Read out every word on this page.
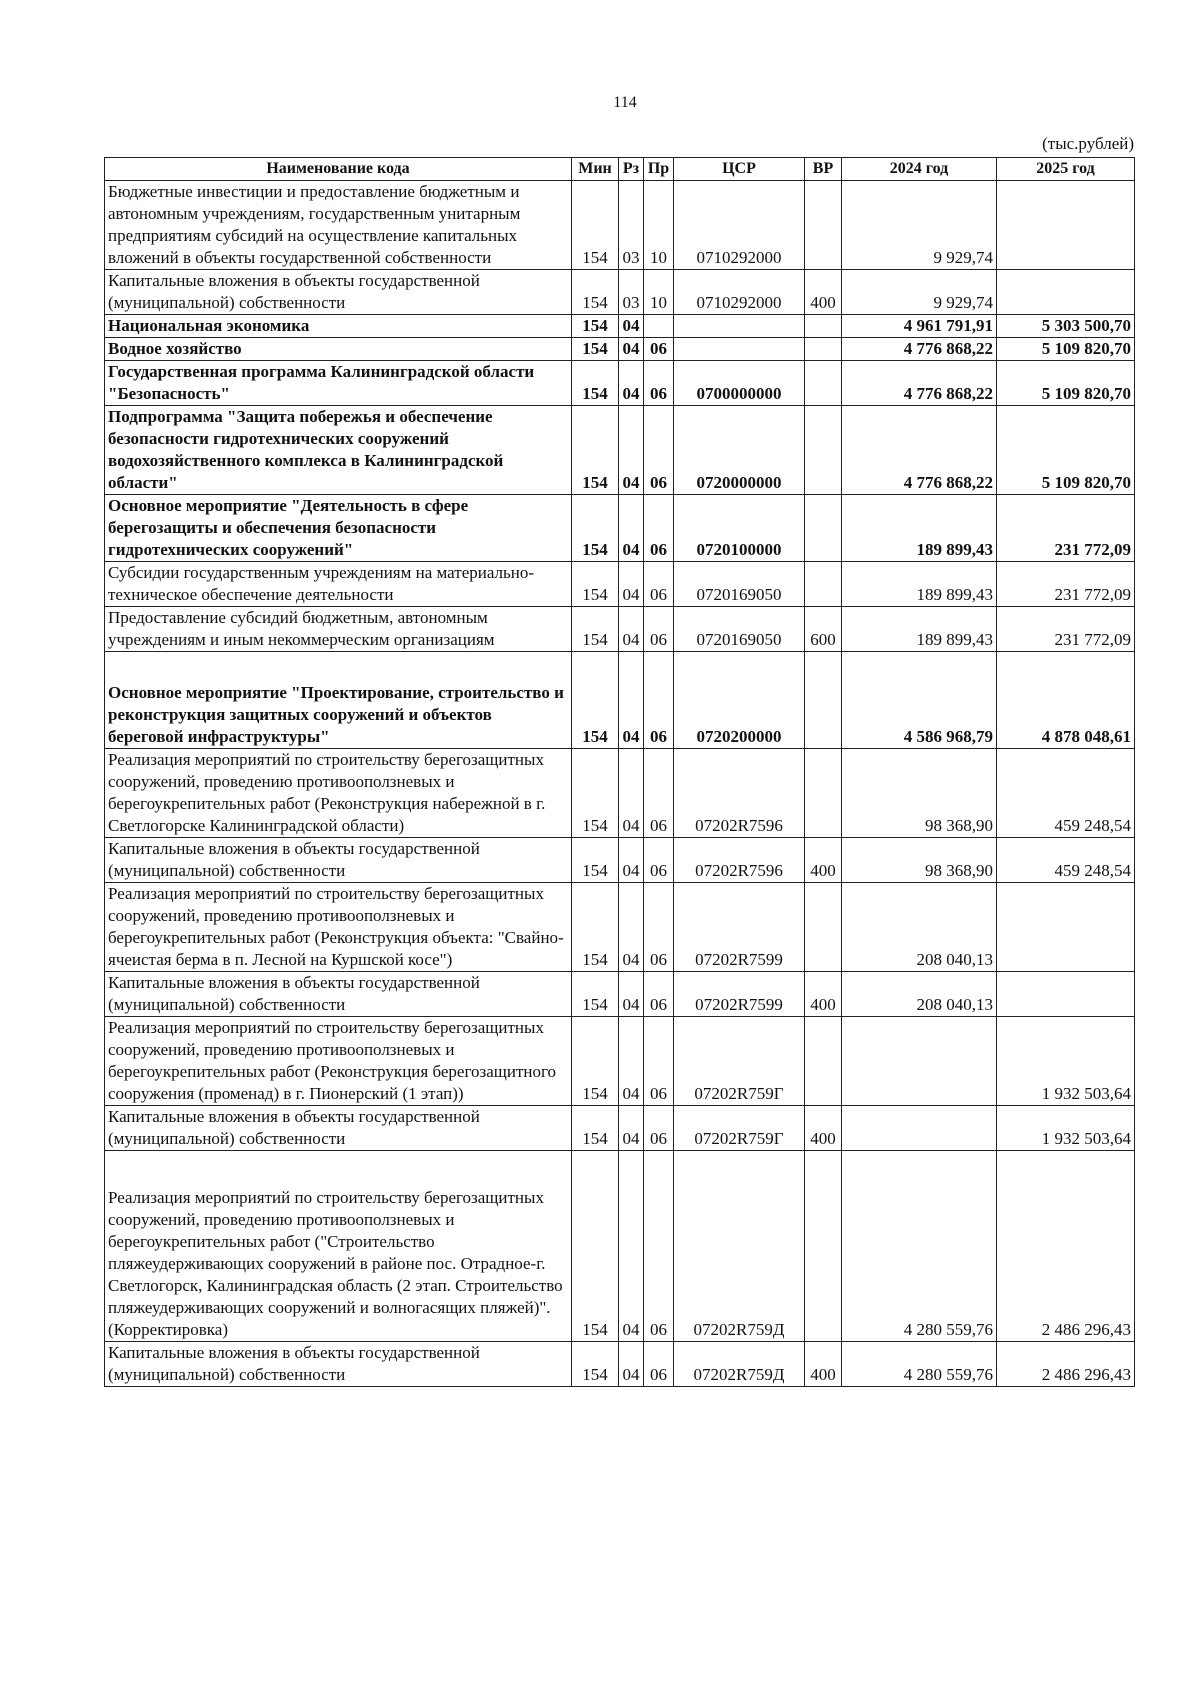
114
(тыс.рублей)
Наименование кода	Мин	Рз	Пр	ЦСР	ВР	2024 год	2025 год
Бюджетные инвестиции и предоставление бюджетным и автономным учреждениям, государственным унитарным предприятиям субсидий на осуществление капитальных вложений в объекты государственной собственности	154	03	10	0710292000		9 929,74	
Капитальные вложения в объекты государственной (муниципальной) собственности	154	03	10	0710292000	400	9 929,74	
Национальная экономика	154	04				4 961 791,91	5 303 500,70
Водное хозяйство	154	04	06			4 776 868,22	5 109 820,70
Государственная программа Калининградской области "Безопасность"	154	04	06	0700000000		4 776 868,22	5 109 820,70
Подпрограмма "Защита побережья и обеспечение безопасности гидротехнических сооружений водохозяйственного комплекса в Калининградской области"	154	04	06	0720000000		4 776 868,22	5 109 820,70
Основное мероприятие "Деятельность в сфере берегозащиты и обеспечения безопасности гидротехнических сооружений"	154	04	06	0720100000		189 899,43	231 772,09
Субсидии государственным учреждениям на материально-техническое обеспечение деятельности	154	04	06	0720169050		189 899,43	231 772,09
Предоставление субсидий бюджетным, автономным учреждениям и иным некоммерческим организациям	154	04	06	0720169050	600	189 899,43	231 772,09
Основное мероприятие "Проектирование, строительство и реконструкция защитных сооружений и объектов береговой инфраструктуры"	154	04	06	0720200000		4 586 968,79	4 878 048,61
Реализация мероприятий по строительству берегозащитных сооружений, проведению противооползневых и берегоукрепительных работ (Реконструкция набережной в г. Светлогорске Калининградской области)	154	04	06	07202R7596		98 368,90	459 248,54
Капитальные вложения в объекты государственной (муниципальной) собственности	154	04	06	07202R7596	400	98 368,90	459 248,54
Реализация мероприятий по строительству берегозащитных сооружений, проведению противооползневых и берегоукрепительных работ (Реконструкция объекта: "Свайно-ячеистая берма в п. Лесной на Куршской косе")	154	04	06	07202R7599		208 040,13	
Капитальные вложения в объекты государственной (муниципальной) собственности	154	04	06	07202R7599	400	208 040,13	
Реализация мероприятий по строительству берегозащитных сооружений, проведению противооползневых и берегоукрепительных работ (Реконструкция берегозащитного сооружения (променад) в г. Пионерский (1 этап))	154	04	06	07202R759Г			1 932 503,64
Капитальные вложения в объекты государственной (муниципальной) собственности	154	04	06	07202R759Г	400		1 932 503,64
Реализация мероприятий по строительству берегозащитных сооружений, проведению противооползневых и берегоукрепительных работ ("Строительство пляжеудерживающих сооружений в районе пос. Отрадное-г. Светлогорск, Калининградская область (2 этап. Строительство пляжеудерживающих сооружений и волногасящих пляжей)". (Корректировка)	154	04	06	07202R759Д		4 280 559,76	2 486 296,43
Капитальные вложения в объекты государственной (муниципальной) собственности	154	04	06	07202R759Д	400	4 280 559,76	2 486 296,43
